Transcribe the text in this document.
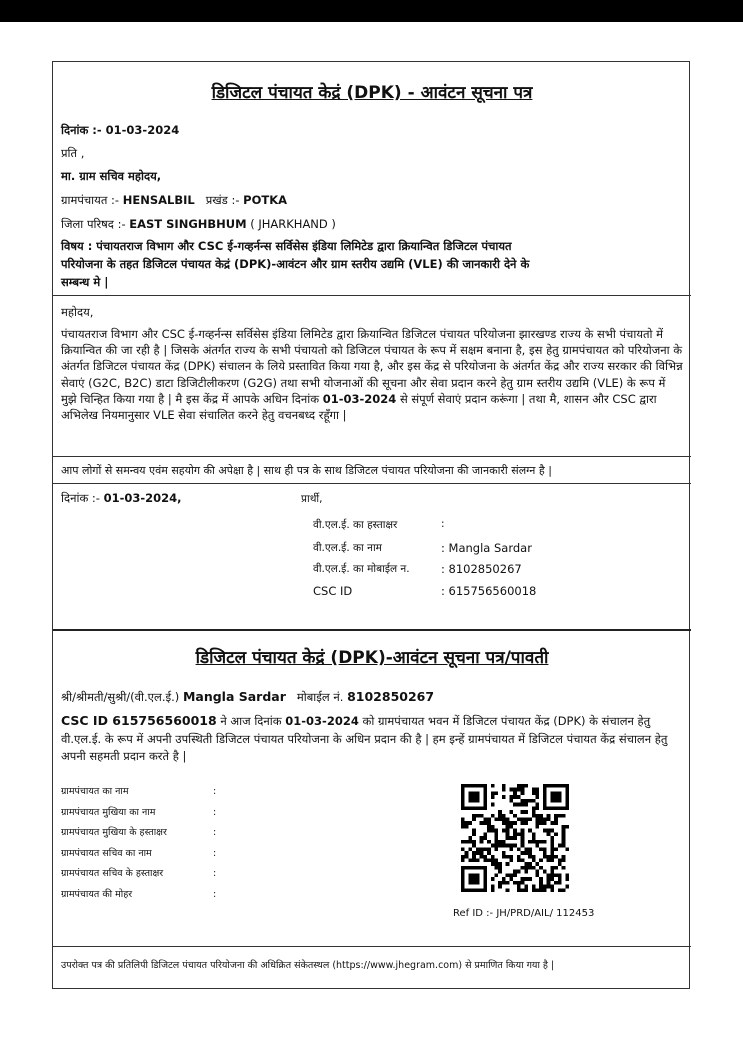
डिजिटल पंचायत केद्रं (DPK) - आवंटन सूचना पत्र
दिनांक :- 01-03-2024
प्रति ,
मा. ग्राम सचिव महोदय,
ग्रामपंचायत :- HENSALBIL प्रखंड :- POTKA
जिला परिषद :- EAST SINGHBHUM ( JHARKHAND )
विषय : पंचायतराज विभाग और CSC ई-गव्हर्नन्स सर्विसेस इंडिया लिमिटेड द्वारा क्रियान्वित डिजिटल पंचायत
परियोजना के तहत डिजिटल पंचायत केद्रं (DPK)-आवंटन और ग्राम स्तरीय उद्यमि (VLE) की जानकारी देने के
सम्बन्ध मे |
महोदय,
पंचायतराज विभाग और CSC ई-गव्हर्नन्स सर्विसेस इंडिया लिमिटेड द्वारा क्रियान्वित डिजिटल पंचायत परियोजना झारखण्ड राज्य के सभी पंचायतो में क्रियान्वित की जा रही है | जिसके अंतर्गत राज्य के सभी पंचायतो को डिजिटल पंचायत के रूप में सक्षम बनाना है, इस हेतु ग्रामपंचायत को परियोजना के अंतर्गत डिजिटल पंचायत केंद्र (DPK) संचालन के लिये प्रस्तावित किया गया है, और इस केंद्र से परियोजना के अंतर्गत केंद्र और राज्य सरकार की विभिन्न सेवाएं (G2C, B2C) डाटा डिजिटीलीकरण (G2G) तथा सभी योजनाओं की सूचना और सेवा प्रदान करने हेतु ग्राम स्तरीय उद्यमि (VLE) के रूप में मुझे चिन्हित किया गया है | मै इस केंद्र में आपके अधिन दिनांक 01-03-2024 से संपूर्ण सेवाएं प्रदान करूंगा | तथा मै, शासन और CSC द्वारा अभिलेख नियमानुसार VLE सेवा संचालित करने हेतु वचनबध्द रहूँगा |
आप लोगों से समन्वय एवंम सहयोग की अपेक्षा है | साथ ही पत्र के साथ डिजिटल पंचायत परियोजना की जानकारी संलग्न है |
दिनांक :- 01-03-2024,	प्रार्थी,
वी.एल.ई. का हस्ताक्षर	:
वी.एल.ई. का नाम	: Mangla Sardar
वी.एल.ई. का मोबाईल न.	: 8102850267
CSC ID	: 615756560018
डिजिटल पंचायत केद्रं (DPK)-आवंटन सूचना पत्र/पावती
श्री/श्रीमती/सुश्री/(वी.एल.ई.) Mangla Sardar मोबाईल नं. 8102850267
CSC ID 615756560018 ने आज दिनांक 01-03-2024 को ग्रामपंचायत भवन में डिजिटल पंचायत केंद्र (DPK) के संचालन हेतु वी.एल.ई. के रूप में अपनी उपस्थिती डिजिटल पंचायत परियोजना के अधिन प्रदान की है | हम इन्हें ग्रामपंचायत में डिजिटल पंचायत केंद्र संचालन हेतु अपनी सहमती प्रदान करते है |
ग्रामपंचायत का नाम	:
ग्रामपंचायत मुखिया का नाम	:
ग्रामपंचायत मुखिया के हस्ताक्षर	:
ग्रामपंचायत सचिव का नाम	:
ग्रामपंचायत सचिव के हस्ताक्षर	:
ग्रामपंचायत की मोहर	:
Ref ID :- JH/PRD/AIL/ 112453
उपरोक्त पत्र की प्रतिलिपी डिजिटल पंचायत परियोजना की अधिक्रित संकेतस्थल (https://www.jhegram.com) से प्रमाणित किया गया है |
